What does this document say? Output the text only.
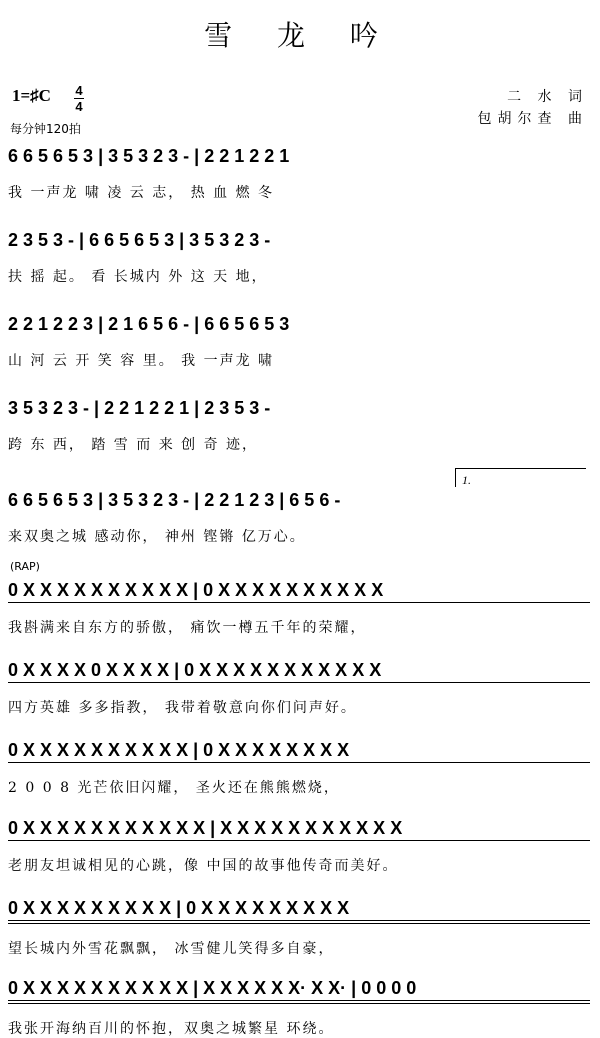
雪 龙 吟
1=♯C 4
4
每分钟120拍
二 水 词
包胡尔查 曲
6 6 5 6 5 3 | 3 5 3 2 3 - | 2 2 1 2 2 1
我 一声龙 啸 凌 云 志， 热 血 燃 冬
2 3 5 3 - | 6 6 5 6 5 3 | 3 5 3 2 3 -
扶 摇 起。 看 长城内 外 这 天 地，
2 2 1 2 2 3 | 2 1 6 5 6 - | 6 6 5 6 5 3
山 河 云 开 笑 容 里。 我 一声龙 啸
3 5 3 2 3 - | 2 2 1 2 2 1 | 2 3 5 3 -
跨 东 西， 踏 雪 而 来 创 奇 迹，
1.
6 6 5 6 5 3 | 3 5 3 2 3 - | 2 2 1 2 3 | 6 5 6 -
来双奥之城 感动你， 神州 铿锵 亿万心。
(RAP)
0 X X X X X X X X X X | 0 X X X X X X X X X X
我斟满来自东方的骄傲， 痛饮一樽五千年的荣耀，
0 X X X X 0 X X X X | 0 X X X X X X X X X X X
四方英雄 多多指教， 我带着敬意向你们问声好。
0 X X X X X X X X X X | 0 X X X X X X X X
2 0 0 8 光芒依旧闪耀， 圣火还在熊熊燃烧，
0 X X X X X X X X X X X | X X X X X X X X X X X
老朋友坦诚相见的心跳，像 中国的故事他传奇而美好。
0 X X X X X X X X X | 0 X X X X X X X X X
望长城内外雪花飘飘， 冰雪健儿笑得多自豪，
0 X X X X X X X X X X | X X X X X X· X X· | 0 0 0 0
我张开海纳百川的怀抱，双奥之城繁星 环绕。
